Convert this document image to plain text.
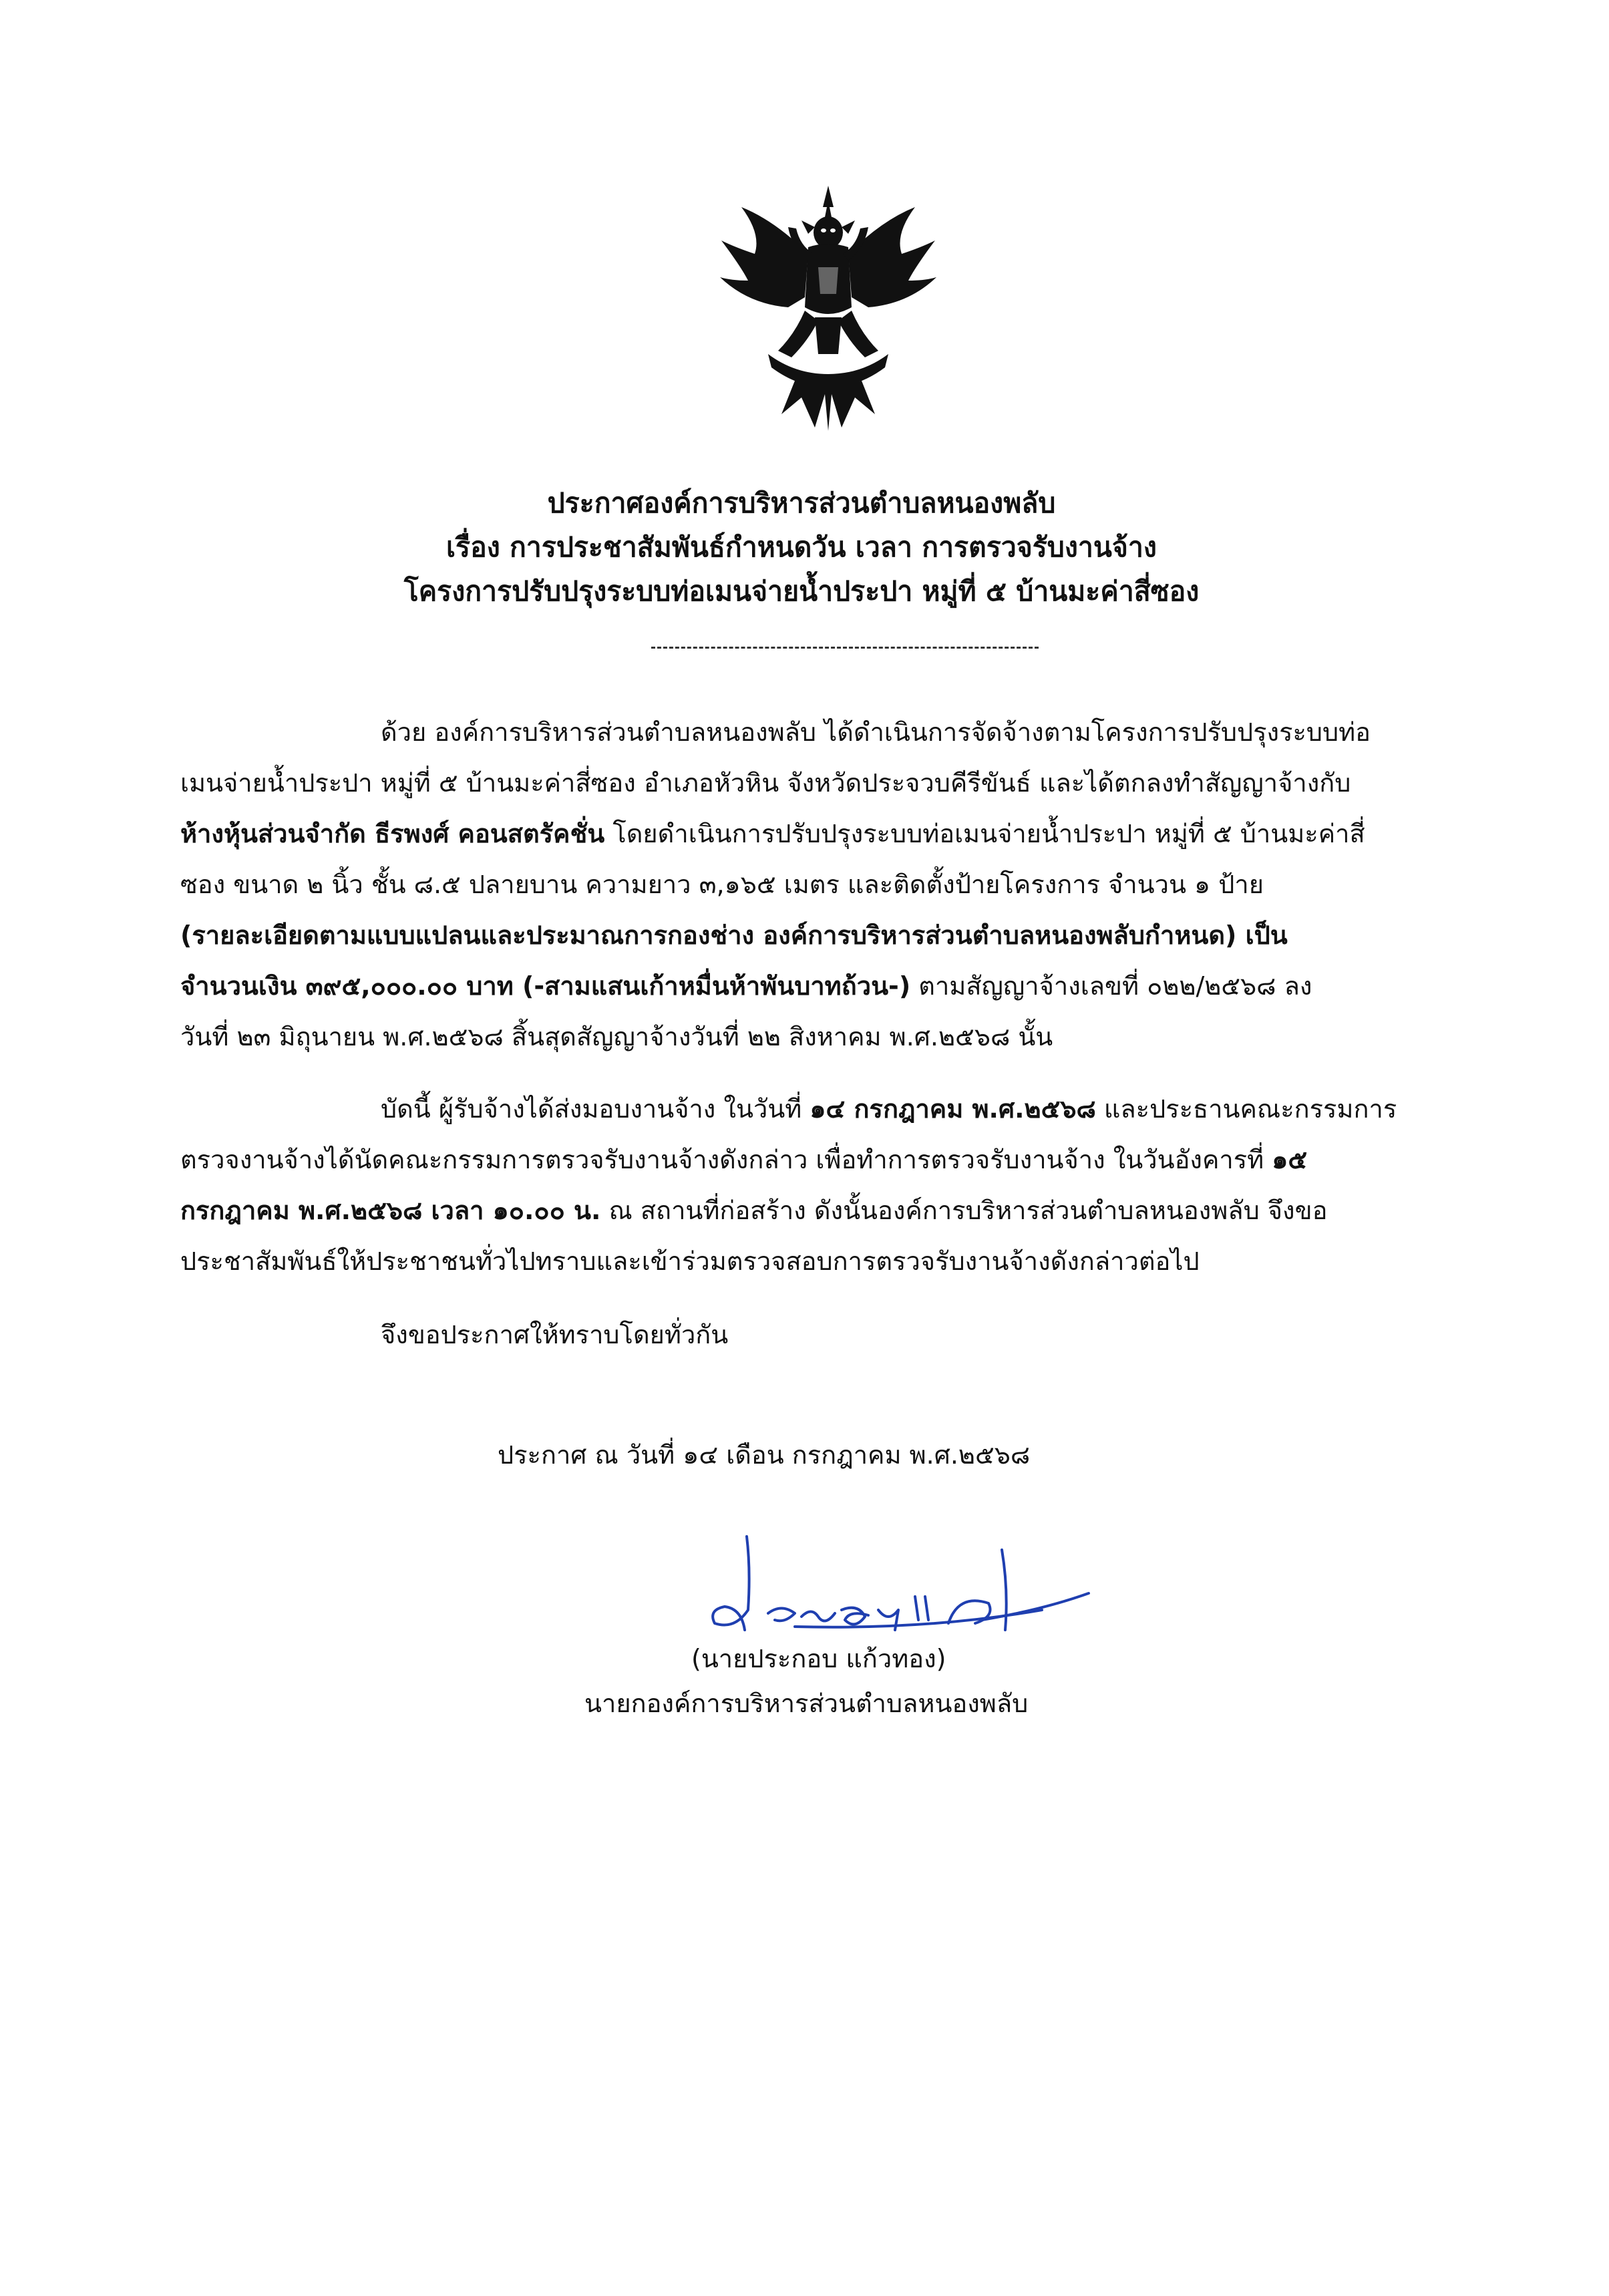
ประกาศองค์การบริหารส่วนตำบลหนองพลับ
เรื่อง การประชาสัมพันธ์กำหนดวัน เวลา การตรวจรับงานจ้าง
โครงการปรับปรุงระบบท่อเมนจ่ายน้ำประปา หมู่ที่ ๕ บ้านมะค่าสี่ซอง
ด้วย องค์การบริหารส่วนตำบลหนองพลับ ได้ดำเนินการจัดจ้างตามโครงการปรับปรุงระบบท่อ
เมนจ่ายน้ำประปา หมู่ที่ ๕ บ้านมะค่าสี่ซอง อำเภอหัวหิน จังหวัดประจวบคีรีขันธ์ และได้ตกลงทำสัญญาจ้างกับ
ห้างหุ้นส่วนจำกัด ธีรพงศ์ คอนสตรัคชั่น โดยดำเนินการปรับปรุงระบบท่อเมนจ่ายน้ำประปา หมู่ที่ ๕ บ้านมะค่าสี่
ซอง ขนาด ๒ นิ้ว ชั้น ๘.๕ ปลายบาน ความยาว ๓,๑๖๕ เมตร และติดตั้งป้ายโครงการ จำนวน ๑ ป้าย
(รายละเอียดตามแบบแปลนและประมาณการกองช่าง องค์การบริหารส่วนตำบลหนองพลับกำหนด) เป็น
จำนวนเงิน ๓๙๕,๐๐๐.๐๐ บาท (-สามแสนเก้าหมื่นห้าพันบาทถ้วน-) ตามสัญญาจ้างเลขที่ ๐๒๒/๒๕๖๘ ลง
วันที่ ๒๓ มิถุนายน พ.ศ.๒๕๖๘ สิ้นสุดสัญญาจ้างวันที่ ๒๒ สิงหาคม พ.ศ.๒๕๖๘ นั้น
บัดนี้ ผู้รับจ้างได้ส่งมอบงานจ้าง ในวันที่ ๑๔ กรกฎาคม พ.ศ.๒๕๖๘ และประธานคณะกรรมการ
ตรวจงานจ้างได้นัดคณะกรรมการตรวจรับงานจ้างดังกล่าว เพื่อทำการตรวจรับงานจ้าง ในวันอังคารที่ ๑๕
กรกฎาคม พ.ศ.๒๕๖๘ เวลา ๑๐.๐๐ น. ณ สถานที่ก่อสร้าง ดังนั้นองค์การบริหารส่วนตำบลหนองพลับ จึงขอ
ประชาสัมพันธ์ให้ประชาชนทั่วไปทราบและเข้าร่วมตรวจสอบการตรวจรับงานจ้างดังกล่าวต่อไป
จึงขอประกาศให้ทราบโดยทั่วกัน
ประกาศ ณ วันที่ ๑๔ เดือน กรกฎาคม พ.ศ.๒๕๖๘
(นายประกอบ แก้วทอง)
นายกองค์การบริหารส่วนตำบลหนองพลับ
